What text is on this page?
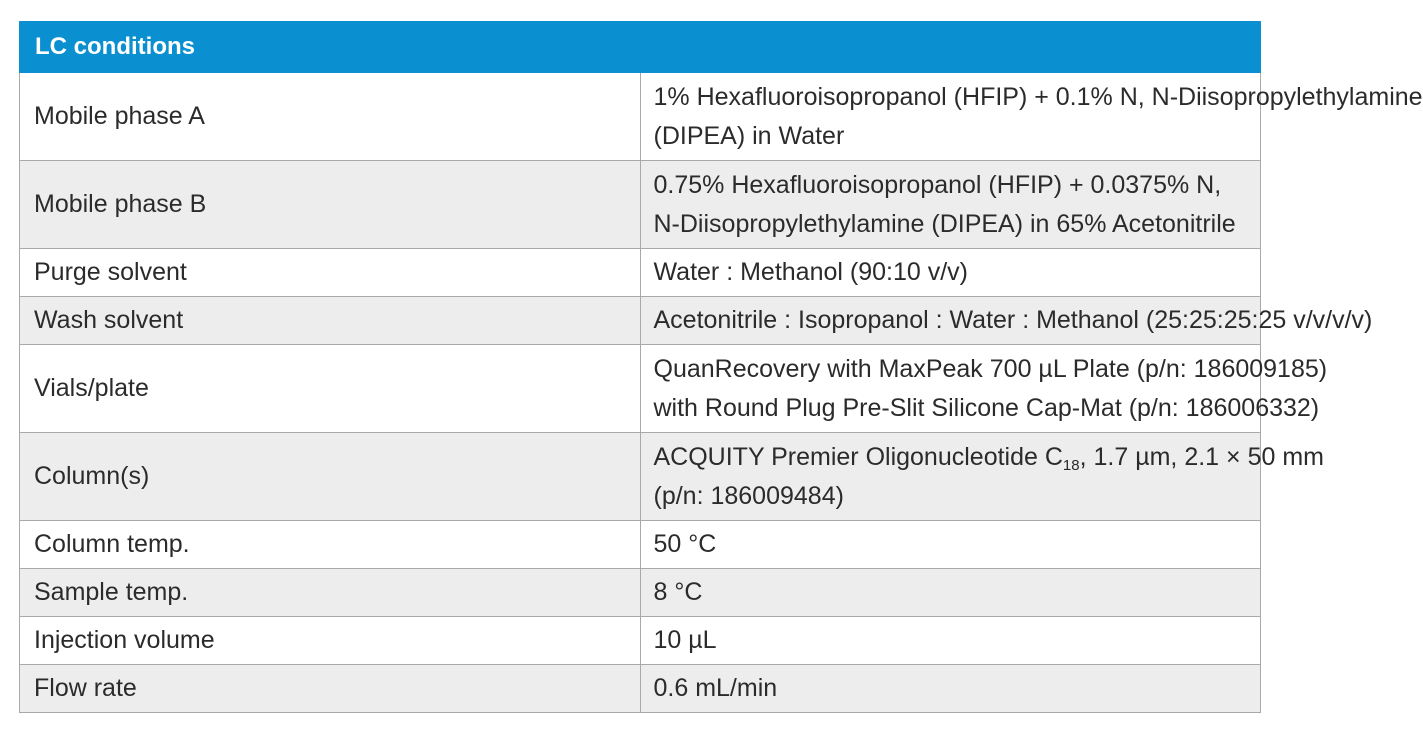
LC conditions	
Mobile phase A	1% Hexafluoroisopropanol (HFIP) + 0.1% N, N-Diisopropylethylamine
(DIPEA) in Water

Mobile phase B	0.75% Hexafluoroisopropanol (HFIP) + 0.0375% N,
N-Diisopropylethylamine (DIPEA) in 65% Acetonitrile

Purge solvent	Water : Methanol (90:10 v/v)
Wash solvent	Acetonitrile : Isopropanol : Water : Methanol (25:25:25:25 v/v/v/v)
Vials/plate	QuanRecovery with MaxPeak 700 µL Plate (p/n: 186009185)
with Round Plug Pre-Slit Silicone Cap-Mat (p/n: 186006332)

Column(s)	ACQUITY Premier Oligonucleotide $C_{18}$, 1.7 µm, 2.1 × 50 mm
(p/n: 186009484)

Column temp.	50 °C
Sample temp.	8 °C
Injection volume	10 µL
Flow rate	0.6 mL/min
